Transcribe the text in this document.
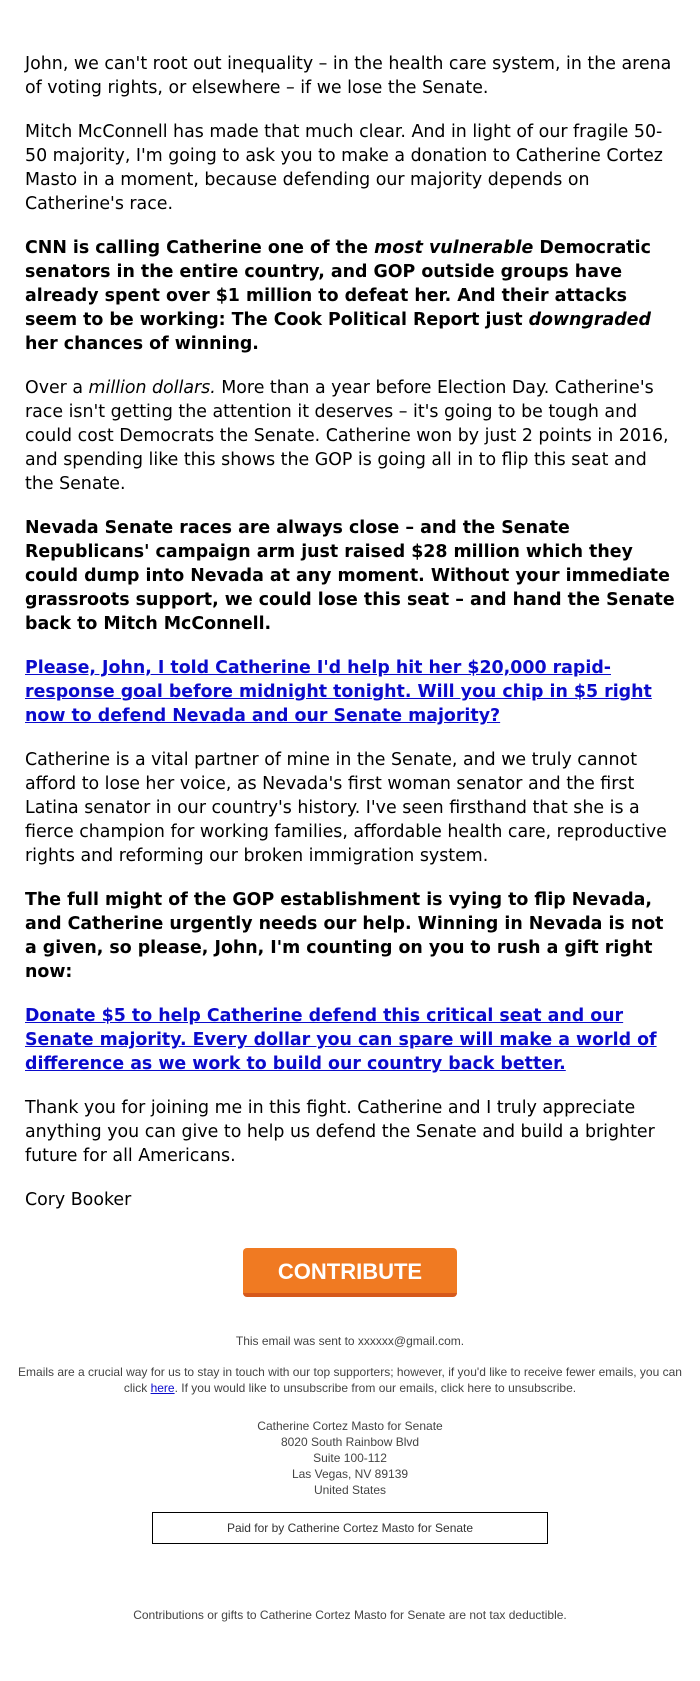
John, we can't root out inequality – in the health care system, in the arena of voting rights, or elsewhere – if we lose the Senate.

Mitch McConnell has made that much clear. And in light of our fragile 50-50 majority, I'm going to ask you to make a donation to Catherine Cortez Masto in a moment, because defending our majority depends on Catherine's race.

CNN is calling Catherine one of the most vulnerable Democratic senators in the entire country, and GOP outside groups have already spent over $1 million to defeat her. And their attacks seem to be working: The Cook Political Report just downgraded her chances of winning.

Over a million dollars. More than a year before Election Day. Catherine's race isn't getting the attention it deserves – it's going to be tough and could cost Democrats the Senate. Catherine won by just 2 points in 2016, and spending like this shows the GOP is going all in to flip this seat and the Senate.

Nevada Senate races are always close – and the Senate Republicans' campaign arm just raised $28 million which they could dump into Nevada at any moment. Without your immediate grassroots support, we could lose this seat – and hand the Senate back to Mitch McConnell.

Please, John, I told Catherine I'd help hit her $20,000 rapid-response goal before midnight tonight. Will you chip in $5 right now to defend Nevada and our Senate majority?

Catherine is a vital partner of mine in the Senate, and we truly cannot afford to lose her voice, as Nevada's first woman senator and the first Latina senator in our country's history. I've seen firsthand that she is a fierce champion for working families, affordable health care, reproductive rights and reforming our broken immigration system.

The full might of the GOP establishment is vying to flip Nevada, and Catherine urgently needs our help. Winning in Nevada is not a given, so please, John, I'm counting on you to rush a gift right now:

Donate $5 to help Catherine defend this critical seat and our Senate majority. Every dollar you can spare will make a world of difference as we work to build our country back better.

Thank you for joining me in this fight. Catherine and I truly appreciate anything you can give to help us defend the Senate and build a brighter future for all Americans.

Cory Booker

CONTRIBUTE
This email was sent to xxxxxx@gmail.com.
Emails are a crucial way for us to stay in touch with our top supporters; however, if you'd like to receive fewer emails, you can click here. If you would like to unsubscribe from our emails, click here to unsubscribe.
Catherine Cortez Masto for Senate
8020 South Rainbow Blvd
Suite 100-112
Las Vegas, NV 89139
United States
Paid for by Catherine Cortez Masto for Senate
Contributions or gifts to Catherine Cortez Masto for Senate are not tax deductible.
